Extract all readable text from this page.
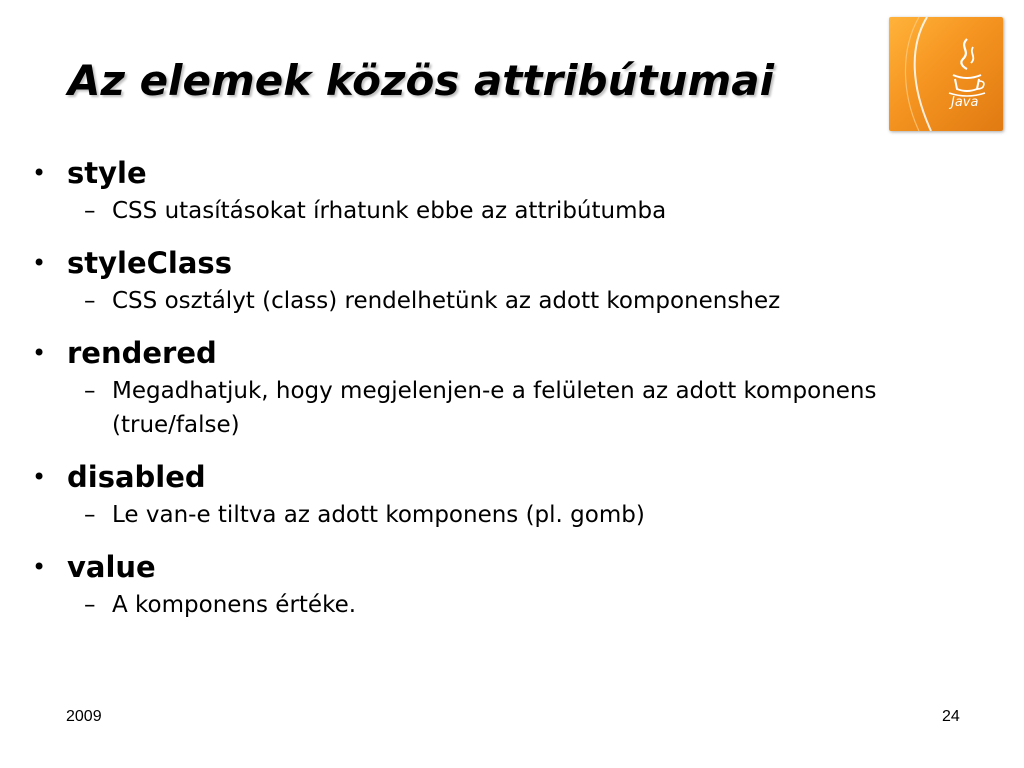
Az elemek közös attribútumai	Java
• style
– CSS utasításokat írhatunk ebbe az attribútumba
• styleClass
– CSS osztályt (class) rendelhetünk az adott komponenshez
• rendered
– Megadhatjuk, hogy megjelenjen-e a felületen az adott komponens (true/false)
• disabled
– Le van-e tiltva az adott komponens (pl. gomb)
• value
– A komponens értéke.
2009	24
